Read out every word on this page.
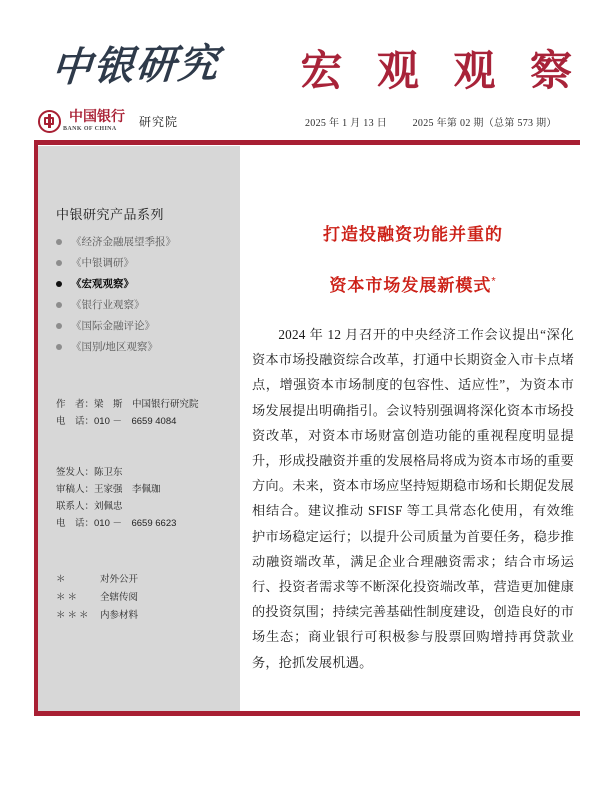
中银研究 宏 观 观 察
中国银行
BANK OF CHINA	研究院	2025 年 1 月 13 日	2025 年第 02 期（总第 573 期）
中银研究产品系列
《经济金融展望季报》
《中银调研》
《宏观观察》
《银行业观察》
《国际金融评论》
《国别/地区观察》
作　者：梁　斯　中国银行研究院
电　话：010 －　6659 4084
签发人：陈卫东
审稿人：王家强　李佩珈
联系人：刘佩忠
电　话：010 －　6659 6623
＊	对外公开
＊＊	全辖传阅
＊＊＊ 内参材料
打造投融资功能并重的
资本市场发展新模式*
2024 年 12 月召开的中央经济工作会议提出“深化资本市场投融资综合改革，打通中长期资金入市卡点堵点，增强资本市场制度的包容性、适应性”，为资本市场发展提出明确指引。会议特别强调将深化资本市场投资改革，对资本市场财富创造功能的重视程度明显提升，形成投融资并重的发展格局将成为资本市场的重要方向。未来，资本市场应坚持短期稳市场和长期促发展相结合。建议推动 SFISF 等工具常态化使用，有效维护市场稳定运行；以提升公司质量为首要任务，稳步推动融资端改革，满足企业合理融资需求；结合市场运行、投资者需求等不断深化投资端改革，营造更加健康的投资氛围；持续完善基础性制度建设，创造良好的市场生态；商业银行可积极参与股票回购增持再贷款业务，抢抓发展机遇。
